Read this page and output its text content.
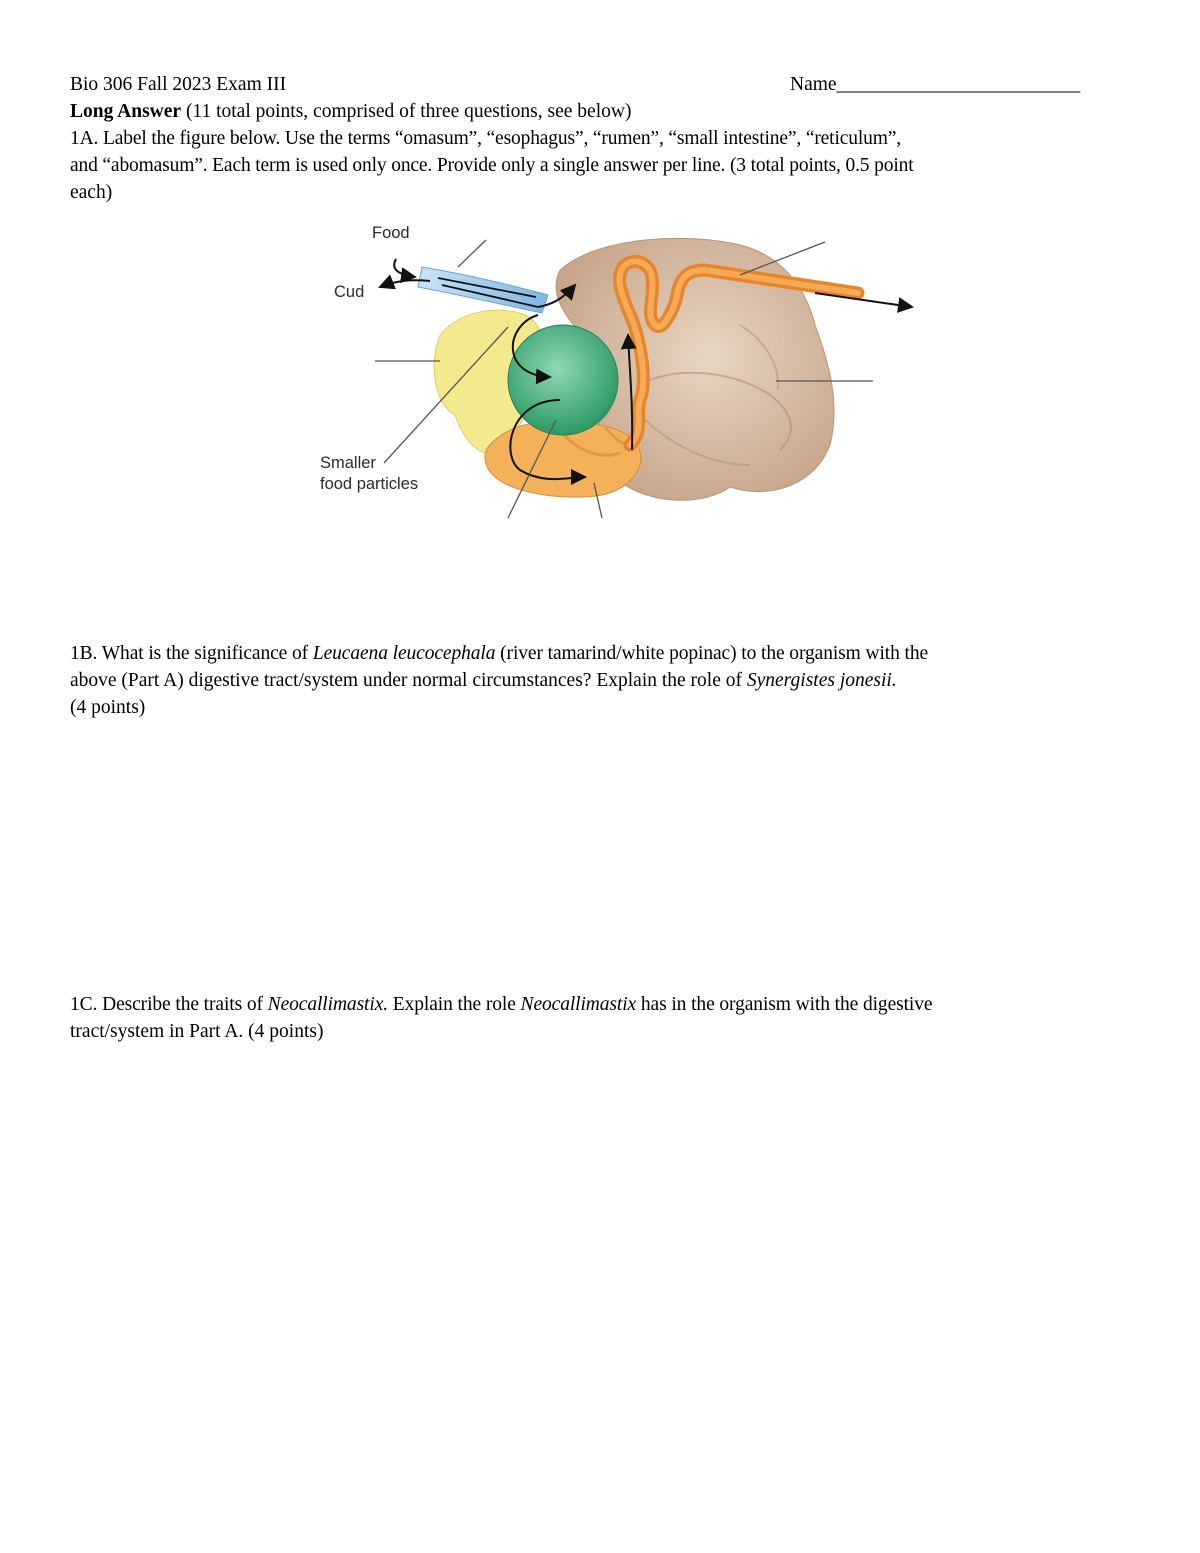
Bio 306 Fall 2023 Exam III	Name_________________________
Long Answer (11 total points, comprised of three questions, see below)
1A. Label the figure below. Use the terms “omasum”, “esophagus”, “rumen”, “small intestine”, “reticulum”,
and “abomasum”. Each term is used only once. Provide only a single answer per line. (3 total points, 0.5 point
each)
Food
Cud
Smaller
food particles
1B. What is the significance of Leucaena leucocephala (river tamarind/white popinac) to the organism with the
above (Part A) digestive tract/system under normal circumstances? Explain the role of Synergistes jonesii.
(4 points)
1C. Describe the traits of Neocallimastix. Explain the role Neocallimastix has in the organism with the digestive
tract/system in Part A. (4 points)
